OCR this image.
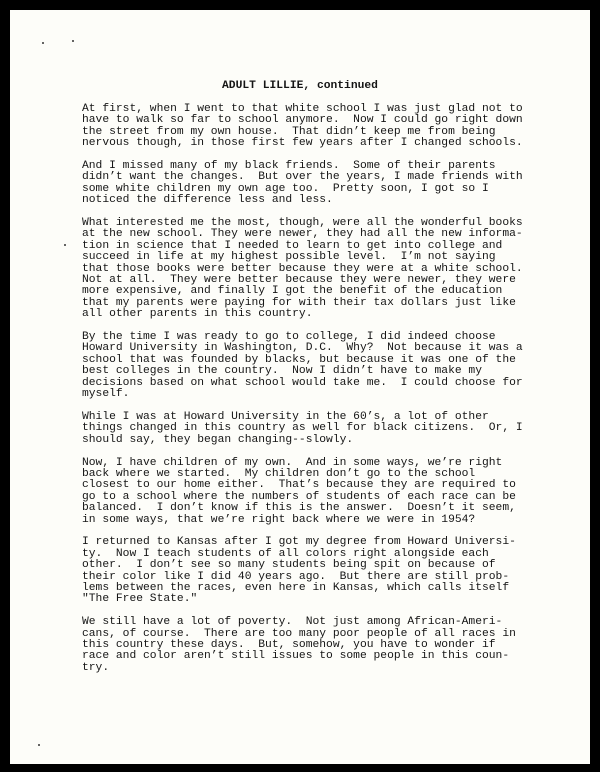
ADULT LILLIE, continued

At first, when I went to that white school I was just glad not to
have to walk so far to school anymore.  Now I could go right down
the street from my own house.  That didn’t keep me from being
nervous though, in those first few years after I changed schools.

And I missed many of my black friends.  Some of their parents
didn’t want the changes.  But over the years, I made friends with
some white children my own age too.  Pretty soon, I got so I
noticed the difference less and less.

What interested me the most, though, were all the wonderful books
at the new school. They were newer, they had all the new informa-
tion in science that I needed to learn to get into college and
succeed in life at my highest possible level.  I’m not saying
that those books were better because they were at a white school.
Not at all.  They were better because they were newer, they were
more expensive, and finally I got the benefit of the education
that my parents were paying for with their tax dollars just like
all other parents in this country.

By the time I was ready to go to college, I did indeed choose
Howard University in Washington, D.C.  Why?  Not because it was a
school that was founded by blacks, but because it was one of the
best colleges in the country.  Now I didn’t have to make my
decisions based on what school would take me.  I could choose for
myself.

While I was at Howard University in the 60’s, a lot of other
things changed in this country as well for black citizens.  Or, I
should say, they began changing--slowly.

Now, I have children of my own.  And in some ways, we’re right
back where we started.  My children don’t go to the school
closest to our home either.  That’s because they are required to
go to a school where the numbers of students of each race can be
balanced.  I don’t know if this is the answer.  Doesn’t it seem,
in some ways, that we’re right back where we were in 1954?

I returned to Kansas after I got my degree from Howard Universi-
ty.  Now I teach students of all colors right alongside each
other.  I don’t see so many students being spit on because of
their color like I did 40 years ago.  But there are still prob-
lems between the races, even here in Kansas, which calls itself
"The Free State."

We still have a lot of poverty.  Not just among African-Ameri-
cans, of course.  There are too many poor people of all races in
this country these days.  But, somehow, you have to wonder if
race and color aren’t still issues to some people in this coun-
try.
